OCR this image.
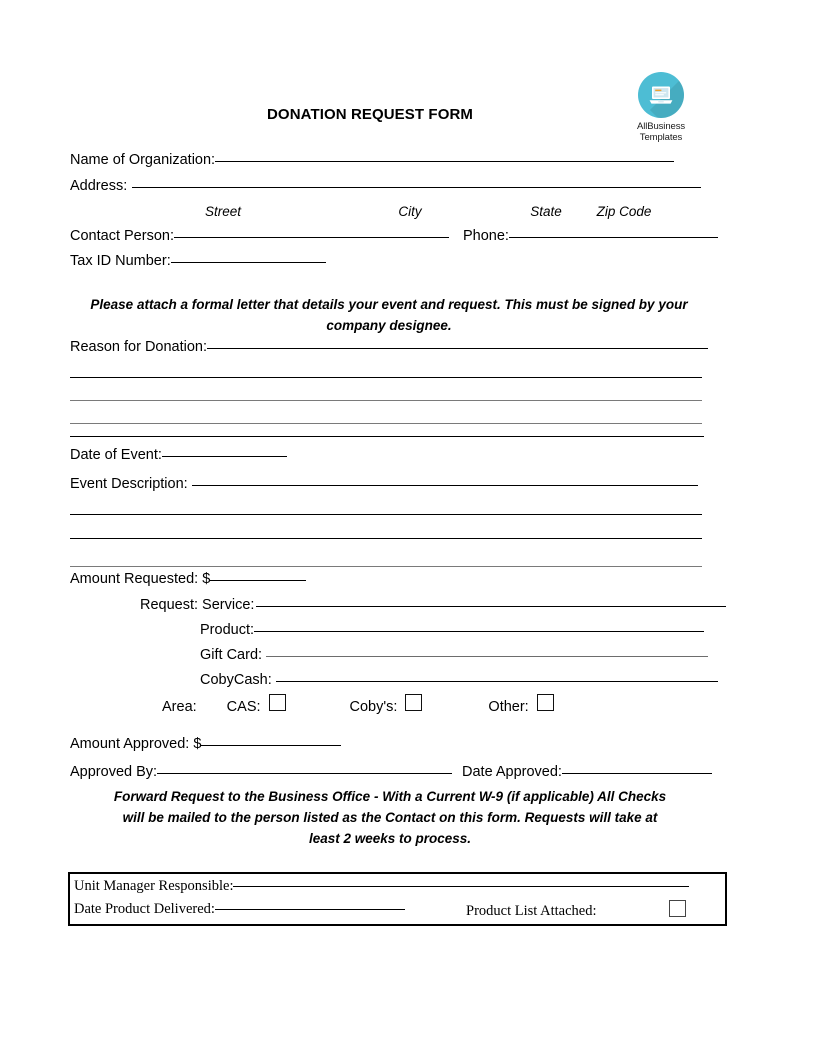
AllBusiness
Templates
DONATION REQUEST FORM
Name of Organization:
Address:
Street	City	State	Zip Code
Contact Person:	Phone:
Tax ID Number:
Please attach a formal letter that details your event and request. This must be signed by your company designee.
Reason for Donation:
Date of Event:
Event Description:
Amount Requested: $
Request: Service:
Product:
Gift Card:
CobyCash:
Area: CAS:	Coby's:	Other:
Amount Approved: $
Approved By:	Date Approved:
Forward Request to the Business Office - With a Current W-9 (if applicable) All Checks will be mailed to the person listed as the Contact on this form. Requests will take at least 2 weeks to process.
Unit Manager Responsible:
Date Product Delivered:	Product List Attached:
